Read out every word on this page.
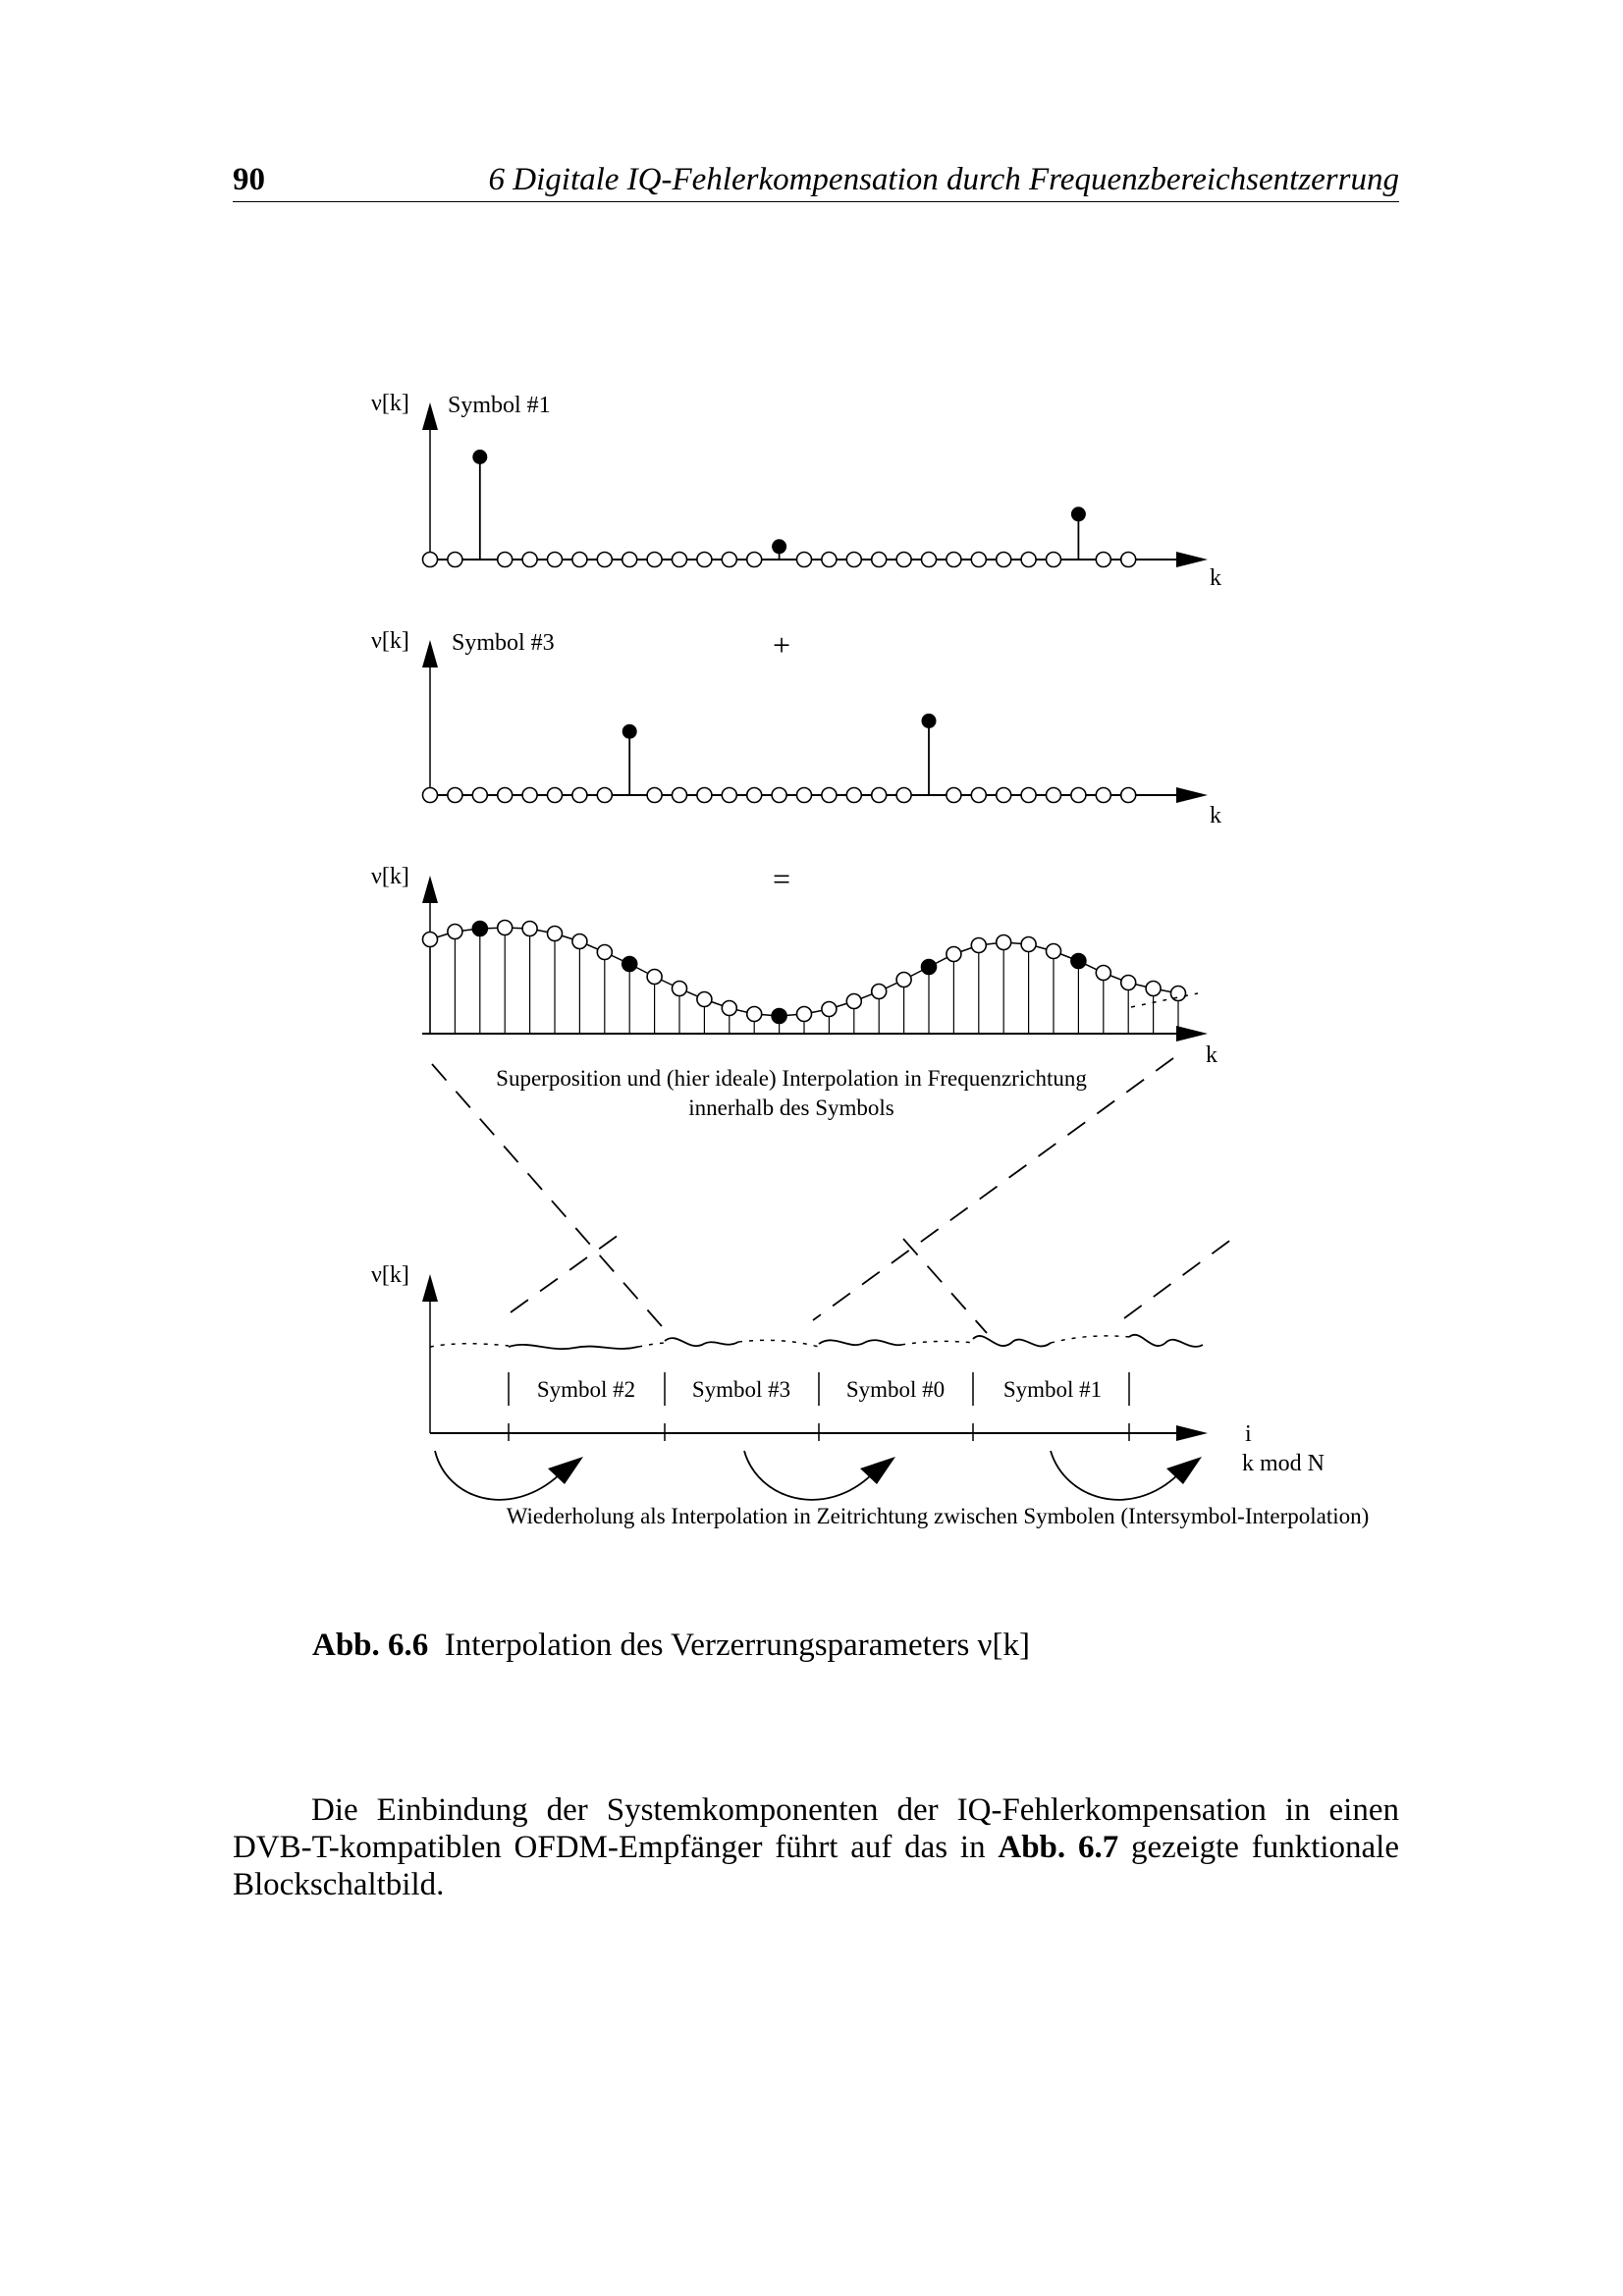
90	6 Digitale IQ-Fehlerkompensation durch Frequenzbereichsentzerrung
ν[k] Symbol #1
k
+
ν[k] Symbol #3
k
=
ν[k]
k
Superposition und (hier ideale) Interpolation in Frequenzrichtung
innerhalb des Symbols
ν[k]
i
k mod N
Symbol #2	Symbol #3 Symbol #0	Symbol #1
Wiederholung als Interpolation in Zeitrichtung zwischen Symbolen (Intersymbol-Interpolation)
Abb. 6.6 Interpolation des Verzerrungsparameters ν[k]

Die Einbindung der Systemkomponenten der IQ-Fehlerkompensation in einen DVB-T-kompatiblen OFDM-Empfänger führt auf das in Abb. 6.7 gezeigte funktionale Blockschaltbild.
